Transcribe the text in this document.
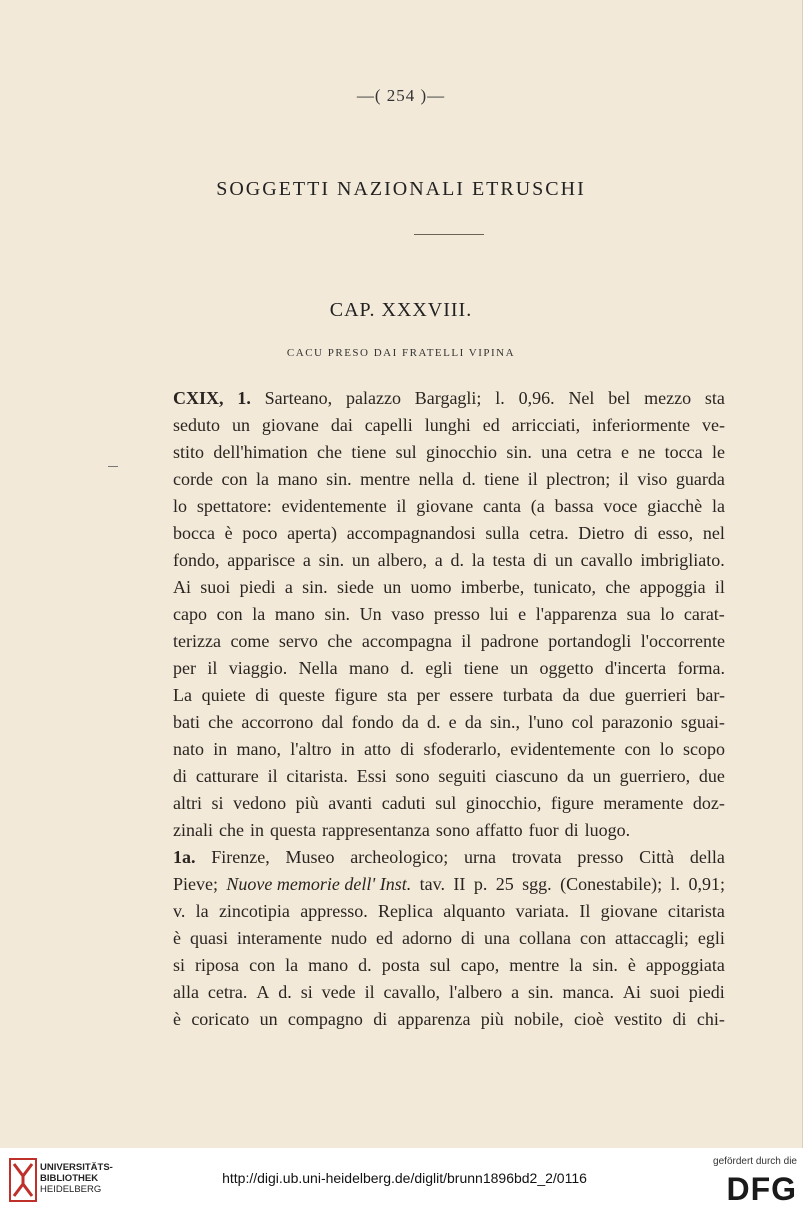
—( 254 )—
SOGGETTI NAZIONALI ETRUSCHI
CAP. XXXVIII.
CACU PRESO DAI FRATELLI VIPINA
CXIX, 1. Sarteano, palazzo Bargagli; l. 0,96. Nel bel mezzo sta
seduto un giovane dai capelli lunghi ed arricciati, inferiormente ve-
stito dell'himation che tiene sul ginocchio sin. una cetra e ne tocca le
corde con la mano sin. mentre nella d. tiene il plectron; il viso guarda
lo spettatore: evidentemente il giovane canta (a bassa voce giacchè la
bocca è poco aperta) accompagnandosi sulla cetra. Dietro di esso, nel
fondo, apparisce a sin. un albero, a d. la testa di un cavallo imbrigliato.
Ai suoi piedi a sin. siede un uomo imberbe, tunicato, che appoggia il
capo con la mano sin. Un vaso presso lui e l'apparenza sua lo carat-
terizza come servo che accompagna il padrone portandogli l'occorrente
per il viaggio. Nella mano d. egli tiene un oggetto d'incerta forma.
La quiete di queste figure sta per essere turbata da due guerrieri bar-
bati che accorrono dal fondo da d. e da sin., l'uno col parazonio sguai-
nato in mano, l'altro in atto di sfoderarlo, evidentemente con lo scopo
di catturare il citarista. Essi sono seguiti ciascuno da un guerriero, due
altri si vedono più avanti caduti sul ginocchio, figure meramente doz-
zinali che in questa rappresentanza sono affatto fuor di luogo.
1a. Firenze, Museo archeologico; urna trovata presso Città della
Pieve; Nuove memorie dell' Inst. tav. II p. 25 sgg. (Conestabile); l. 0,91;
v. la zincotipia appresso. Replica alquanto variata. Il giovane citarista
è quasi interamente nudo ed adorno di una collana con attaccagli; egli
si riposa con la mano d. posta sul capo, mentre la sin. è appoggiata
alla cetra. A d. si vede il cavallo, l'albero a sin. manca. Ai suoi piedi
è coricato un compagno di apparenza più nobile, cioè vestito di chi-
UNIVERSITÄTS-
BIBLIOTHEK
HEIDELBERG
http://digi.ub.uni-heidelberg.de/diglit/brunn1896bd2_2/0116
gefördert durch die
DFG
